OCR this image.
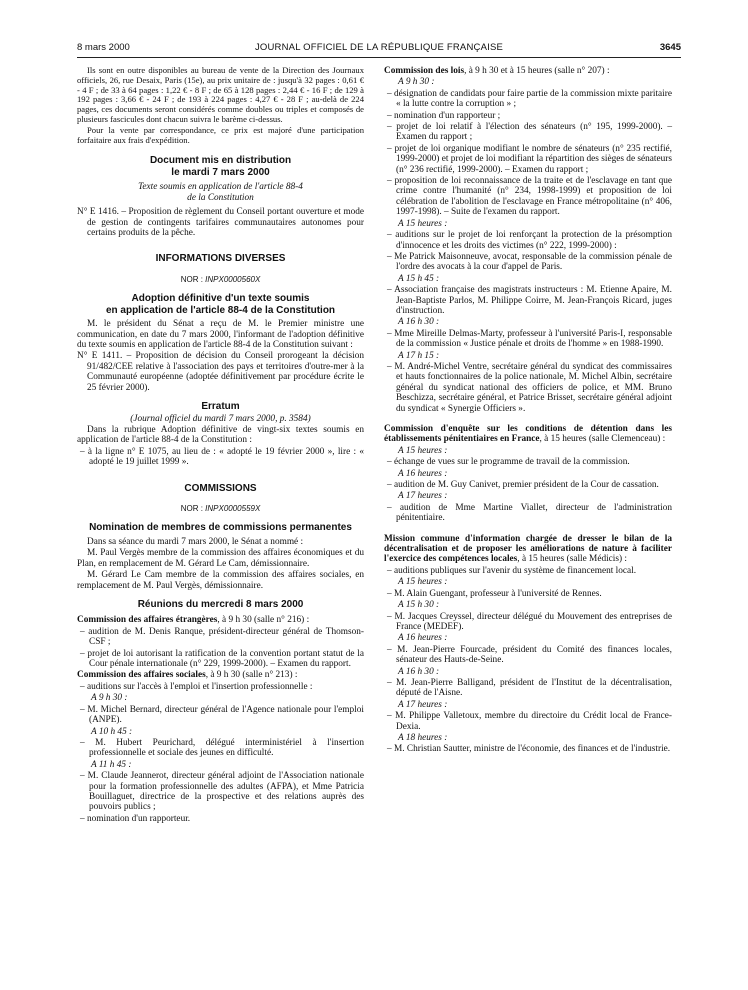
8 mars 2000	JOURNAL OFFICIEL DE LA RÉPUBLIQUE FRANÇAISE	3645

Ils sont en outre disponibles au bureau de vente de la Direction des Journaux officiels, 26, rue Desaix, Paris (15e), au prix unitaire de : jusqu'à 32 pages : 0,61 € - 4 F ; de 33 à 64 pages : 1,22 € - 8 F ; de 65 à 128 pages : 2,44 € - 16 F ; de 129 à 192 pages : 3,66 € - 24 F ; de 193 à 224 pages : 4,27 € - 28 F ; au-delà de 224 pages, ces documents seront considérés comme doubles ou triples et composés de plusieurs fascicules dont chacun suivra le barème ci-dessus.

Pour la vente par correspondance, ce prix est majoré d'une participation forfaitaire aux frais d'expédition.

Document mis en distribution
le mardi 7 mars 2000
Texte soumis en application de l'article 88-4
de la Constitution

N° E 1416. – Proposition de règlement du Conseil portant ouverture et mode de gestion de contingents tarifaires communautaires autonomes pour certains produits de la pêche.

INFORMATIONS DIVERSES
NOR : INPX0000560X
Adoption définitive d'un texte soumis
en application de l'article 88-4 de la Constitution

M. le président du Sénat a reçu de M. le Premier ministre une communication, en date du 7 mars 2000, l'informant de l'adoption définitive du texte soumis en application de l'article 88-4 de la Constitution suivant :

N° E 1411. – Proposition de décision du Conseil prorogeant la décision 91/482/CEE relative à l'association des pays et territoires d'outre-mer à la Communauté européenne (adoptée définitivement par procédure écrite le 25 février 2000).

Erratum

(Journal officiel du mardi 7 mars 2000, p. 3584)

Dans la rubrique Adoption définitive de vingt-six textes soumis en application de l'article 88-4 de la Constitution :

– à la ligne n° E 1075, au lieu de : « adopté le 19 février 2000 », lire : « adopté le 19 juillet 1999 ».

COMMISSIONS
NOR : INPX0000559X
Nomination de membres de commissions permanentes

Dans sa séance du mardi 7 mars 2000, le Sénat a nommé :

M. Paul Vergès membre de la commission des affaires économiques et du Plan, en remplacement de M. Gérard Le Cam, démissionnaire.

M. Gérard Le Cam membre de la commission des affaires sociales, en remplacement de M. Paul Vergès, démissionnaire.

Réunions du mercredi 8 mars 2000

Commission des affaires étrangères, à 9 h 30 (salle n° 216) :

– audition de M. Denis Ranque, président-directeur général de Thomson-CSF ;

– projet de loi autorisant la ratification de la convention portant statut de la Cour pénale internationale (n° 229, 1999-2000). – Examen du rapport.

Commission des affaires sociales, à 9 h 30 (salle n° 213) :

– auditions sur l'accès à l'emploi et l'insertion professionnelle :

A 9 h 30 :

– M. Michel Bernard, directeur général de l'Agence nationale pour l'emploi (ANPE).

A 10 h 45 :

– M. Hubert Peurichard, délégué interministériel à l'insertion professionnelle et sociale des jeunes en difficulté.

A 11 h 45 :

– M. Claude Jeannerot, directeur général adjoint de l'Association nationale pour la formation professionnelle des adultes (AFPA), et Mme Patricia Bouillaguet, directrice de la prospective et des relations auprès des pouvoirs publics ;

– nomination d'un rapporteur.

Commission des lois, à 9 h 30 et à 15 heures (salle n° 207) :

A 9 h 30 :

– désignation de candidats pour faire partie de la commission mixte paritaire « la lutte contre la corruption » ;

– nomination d'un rapporteur ;

– projet de loi relatif à l'élection des sénateurs (n° 195, 1999-2000). – Examen du rapport ;

– projet de loi organique modifiant le nombre de sénateurs (n° 235 rectifié, 1999-2000) et projet de loi modifiant la répartition des sièges de sénateurs (n° 236 rectifié, 1999-2000). – Examen du rapport ;

– proposition de loi reconnaissance de la traite et de l'esclavage en tant que crime contre l'humanité (n° 234, 1998-1999) et proposition de loi célébration de l'abolition de l'esclavage en France métropolitaine (n° 406, 1997-1998). – Suite de l'examen du rapport.

A 15 heures :

– auditions sur le projet de loi renforçant la protection de la présomption d'innocence et les droits des victimes (n° 222, 1999-2000) :

– Me Patrick Maisonneuve, avocat, responsable de la commission pénale de l'ordre des avocats à la cour d'appel de Paris.

A 15 h 45 :

– Association française des magistrats instructeurs : M. Etienne Apaire, M. Jean-Baptiste Parlos, M. Philippe Coirre, M. Jean-François Ricard, juges d'instruction.

A 16 h 30 :

– Mme Mireille Delmas-Marty, professeur à l'université Paris-I, responsable de la commission « Justice pénale et droits de l'homme » en 1988-1990.

A 17 h 15 :

– M. André-Michel Ventre, secrétaire général du syndicat des commissaires et hauts fonctionnaires de la police nationale, M. Michel Albin, secrétaire général du syndicat national des officiers de police, et MM. Bruno Beschizza, secrétaire général, et Patrice Brisset, secrétaire général adjoint du syndicat « Synergie Officiers ».

Commission d'enquête sur les conditions de détention dans les établissements pénitentiaires en France, à 15 heures (salle Clemenceau) :

A 15 heures :

– échange de vues sur le programme de travail de la commission.

A 16 heures :

– audition de M. Guy Canivet, premier président de la Cour de cassation.

A 17 heures :

– audition de Mme Martine Viallet, directeur de l'administration pénitentiaire.

Mission commune d'information chargée de dresser le bilan de la décentralisation et de proposer les améliorations de nature à faciliter l'exercice des compétences locales, à 15 heures (salle Médicis) :

– auditions publiques sur l'avenir du système de financement local.

A 15 heures :

– M. Alain Guengant, professeur à l'université de Rennes.

A 15 h 30 :

– M. Jacques Creyssel, directeur délégué du Mouvement des entreprises de France (MEDEF).

A 16 heures :

– M. Jean-Pierre Fourcade, président du Comité des finances locales, sénateur des Hauts-de-Seine.

A 16 h 30 :

– M. Jean-Pierre Balligand, président de l'Institut de la décentralisation, député de l'Aisne.

A 17 heures :

– M. Philippe Valletoux, membre du directoire du Crédit local de France-Dexia.

A 18 heures :

– M. Christian Sautter, ministre de l'économie, des finances et de l'industrie.
